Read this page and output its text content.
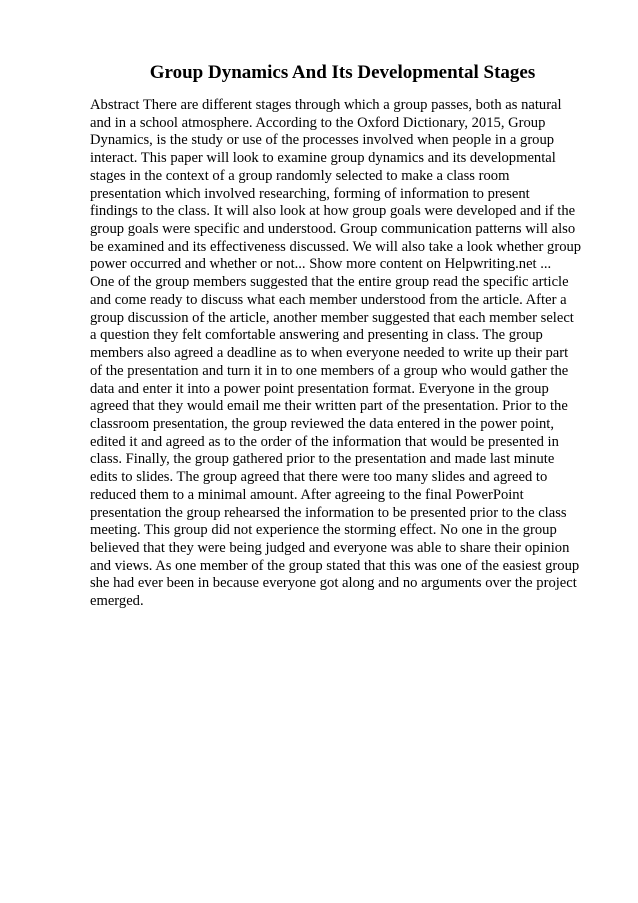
Group Dynamics And Its Developmental Stages
Abstract There are different stages through which a group passes, both as natural
and in a school atmosphere. According to the Oxford Dictionary, 2015, Group
Dynamics, is the study or use of the processes involved when people in a group
interact. This paper will look to examine group dynamics and its developmental
stages in the context of a group randomly selected to make a class room
presentation which involved researching, forming of information to present
findings to the class. It will also look at how group goals were developed and if the
group goals were specific and understood. Group communication patterns will also
be examined and its effectiveness discussed. We will also take a look whether group
power occurred and whether or not... Show more content on Helpwriting.net ...
One of the group members suggested that the entire group read the specific article
and come ready to discuss what each member understood from the article. After a
group discussion of the article, another member suggested that each member select
a question they felt comfortable answering and presenting in class. The group
members also agreed a deadline as to when everyone needed to write up their part
of the presentation and turn it in to one members of a group who would gather the
data and enter it into a power point presentation format. Everyone in the group
agreed that they would email me their written part of the presentation. Prior to the
classroom presentation, the group reviewed the data entered in the power point,
edited it and agreed as to the order of the information that would be presented in
class. Finally, the group gathered prior to the presentation and made last minute
edits to slides. The group agreed that there were too many slides and agreed to
reduced them to a minimal amount. After agreeing to the final PowerPoint
presentation the group rehearsed the information to be presented prior to the class
meeting. This group did not experience the storming effect. No one in the group
believed that they were being judged and everyone was able to share their opinion
and views. As one member of the group stated that this was one of the easiest group
she had ever been in because everyone got along and no arguments over the project
emerged.
